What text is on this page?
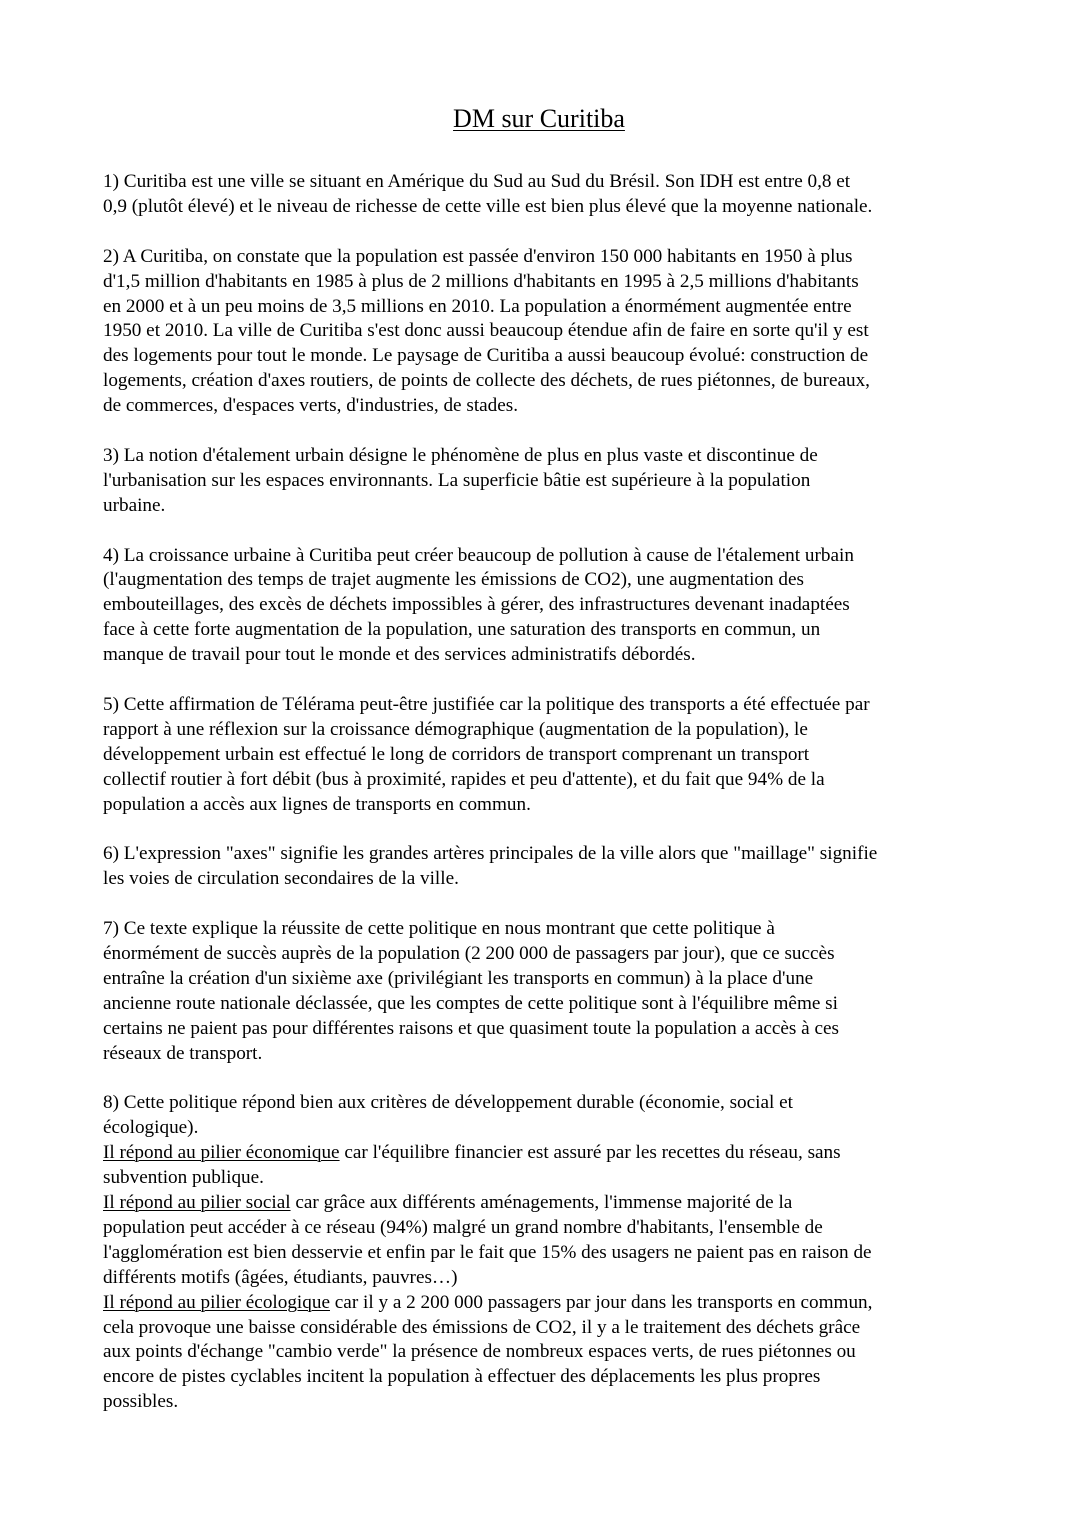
DM sur Curitiba

1) Curitiba est une ville se situant en Amérique du Sud au Sud du Brésil. Son IDH est entre 0,8 et
0,9 (plutôt élevé) et le niveau de richesse de cette ville est bien plus élevé que la moyenne nationale.

2) A Curitiba, on constate que la population est passée d'environ 150 000 habitants en 1950 à plus
d'1,5 million d'habitants en 1985 à plus de 2 millions d'habitants en 1995 à 2,5 millions d'habitants
en 2000 et à un peu moins de 3,5 millions en 2010. La population a énormément augmentée entre
1950 et 2010. La ville de Curitiba s'est donc aussi beaucoup étendue afin de faire en sorte qu'il y est
des logements pour tout le monde. Le paysage de Curitiba a aussi beaucoup évolué: construction de
logements, création d'axes routiers, de points de collecte des déchets, de rues piétonnes, de bureaux,
de commerces, d'espaces verts, d'industries, de stades.

3) La notion d'étalement urbain désigne le phénomène de plus en plus vaste et discontinue de
l'urbanisation sur les espaces environnants. La superficie bâtie est supérieure à la population
urbaine.

4) La croissance urbaine à Curitiba peut créer beaucoup de pollution à cause de l'étalement urbain
(l'augmentation des temps de trajet augmente les émissions de CO2), une augmentation des
embouteillages, des excès de déchets impossibles à gérer, des infrastructures devenant inadaptées
face à cette forte augmentation de la population, une saturation des transports en commun, un
manque de travail pour tout le monde et des services administratifs débordés.

5) Cette affirmation de Télérama peut-être justifiée car la politique des transports a été effectuée par
rapport à une réflexion sur la croissance démographique (augmentation de la population), le
développement urbain est effectué le long de corridors de transport comprenant un transport
collectif routier à fort débit (bus à proximité, rapides et peu d'attente), et du fait que 94% de la
population a accès aux lignes de transports en commun.

6) L'expression "axes" signifie les grandes artères principales de la ville alors que "maillage" signifie
les voies de circulation secondaires de la ville.

7) Ce texte explique la réussite de cette politique en nous montrant que cette politique à
énormément de succès auprès de la population (2 200 000 de passagers par jour), que ce succès
entraîne la création d'un sixième axe (privilégiant les transports en commun) à la place d'une
ancienne route nationale déclassée, que les comptes de cette politique sont à l'équilibre même si
certains ne paient pas pour différentes raisons et que quasiment toute la population a accès à ces
réseaux de transport.

8) Cette politique répond bien aux critères de développement durable (économie, social et
écologique).
Il répond au pilier économique car l'équilibre financier est assuré par les recettes du réseau, sans
subvention publique.
Il répond au pilier social car grâce aux différents aménagements, l'immense majorité de la
population peut accéder à ce réseau (94%) malgré un grand nombre d'habitants, l'ensemble de
l'agglomération est bien desservie et enfin par le fait que 15% des usagers ne paient pas en raison de
différents motifs (âgées, étudiants, pauvres…)
Il répond au pilier écologique car il y a 2 200 000 passagers par jour dans les transports en commun,
cela provoque une baisse considérable des émissions de CO2, il y a le traitement des déchets grâce
aux points d'échange "cambio verde" la présence de nombreux espaces verts, de rues piétonnes ou
encore de pistes cyclables incitent la population à effectuer des déplacements les plus propres
possibles.
